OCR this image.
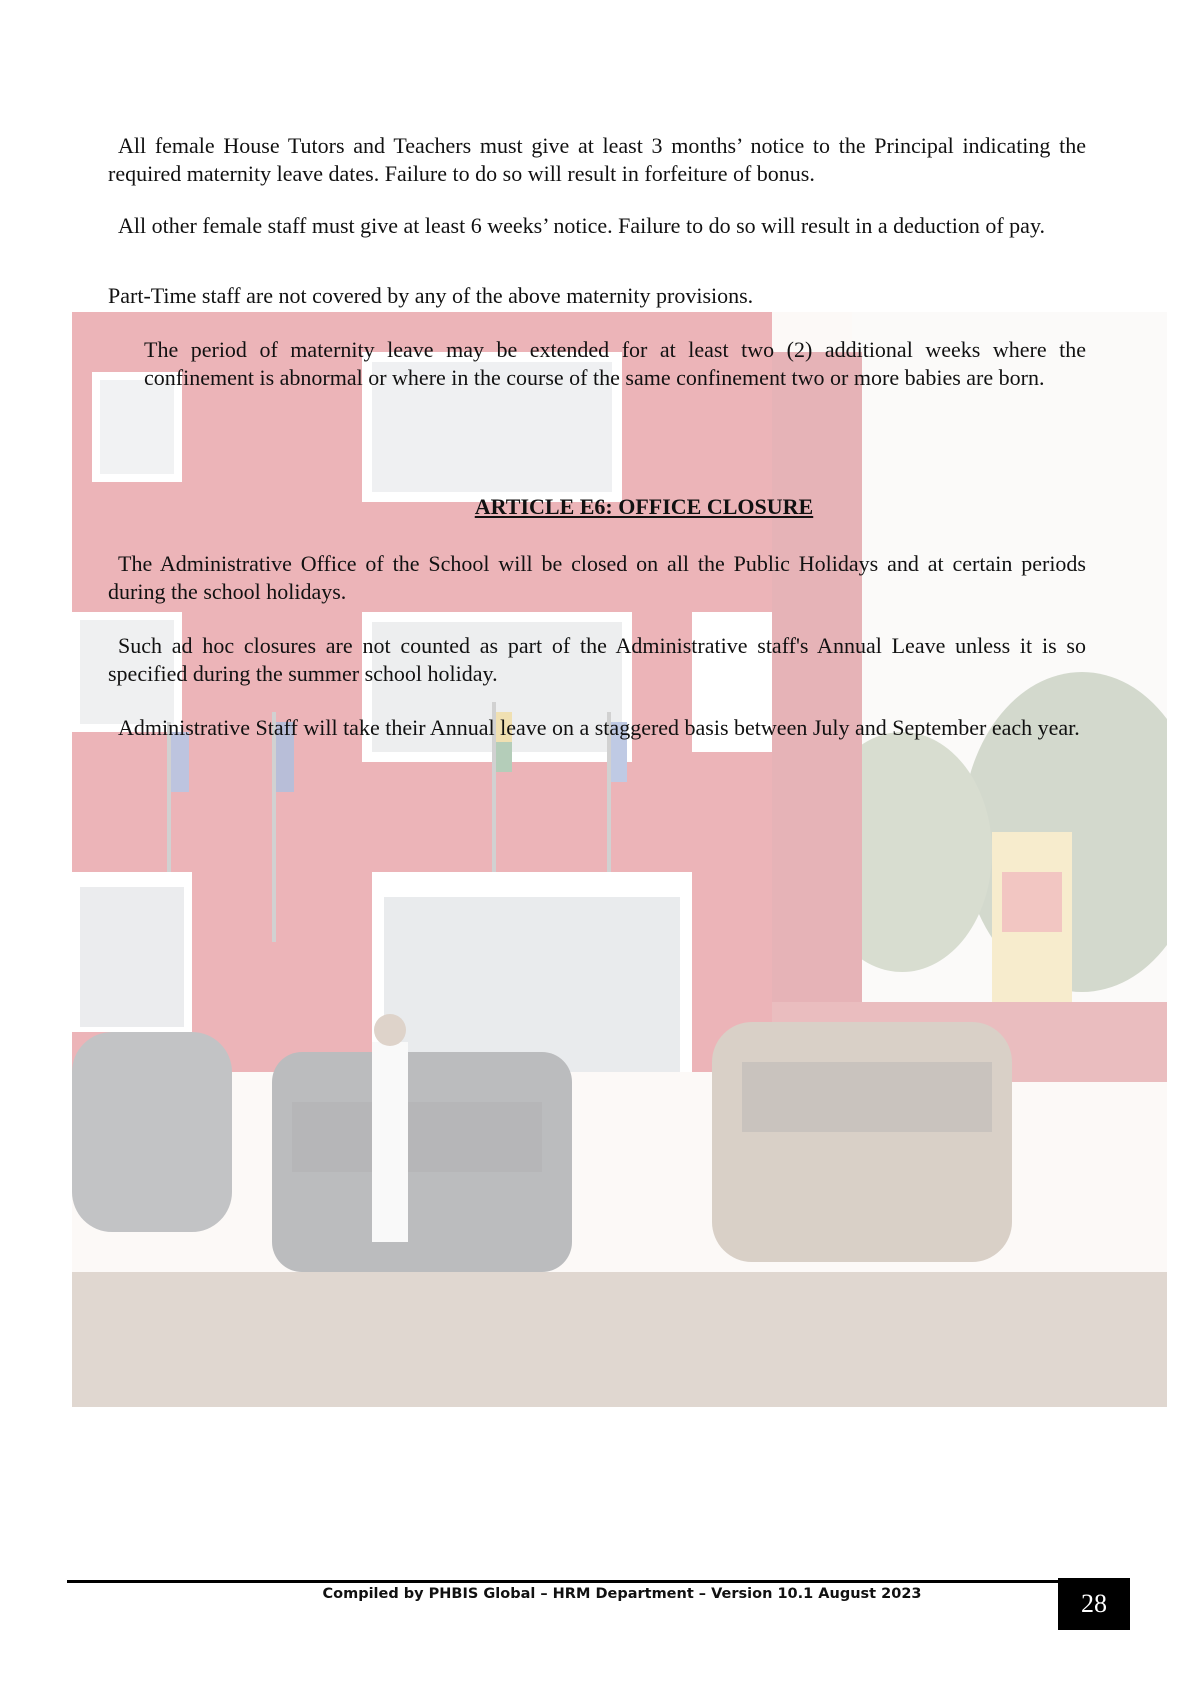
All female House Tutors and Teachers must give at least 3 months’ notice to the Principal indicating the required maternity leave dates. Failure to do so will result in forfeiture of bonus.

All other female staff must give at least 6 weeks’ notice. Failure to do so will result in a deduction of pay.

Part-Time staff are not covered by any of the above maternity provisions.

The period of maternity leave may be extended for at least two (2) additional weeks where the confinement is abnormal or where in the course of the same confinement two or more babies are born.

ARTICLE E6: OFFICE CLOSURE

The Administrative Office of the School will be closed on all the Public Holidays and at certain periods during the school holidays.

Such ad hoc closures are not counted as part of the Administrative staff's Annual Leave unless it is so specified during the summer school holiday.

Administrative Staff will take their Annual leave on a staggered basis between July and September each year.

Compiled by PHBIS Global – HRM Department – Version 10.1 August 2023	28
